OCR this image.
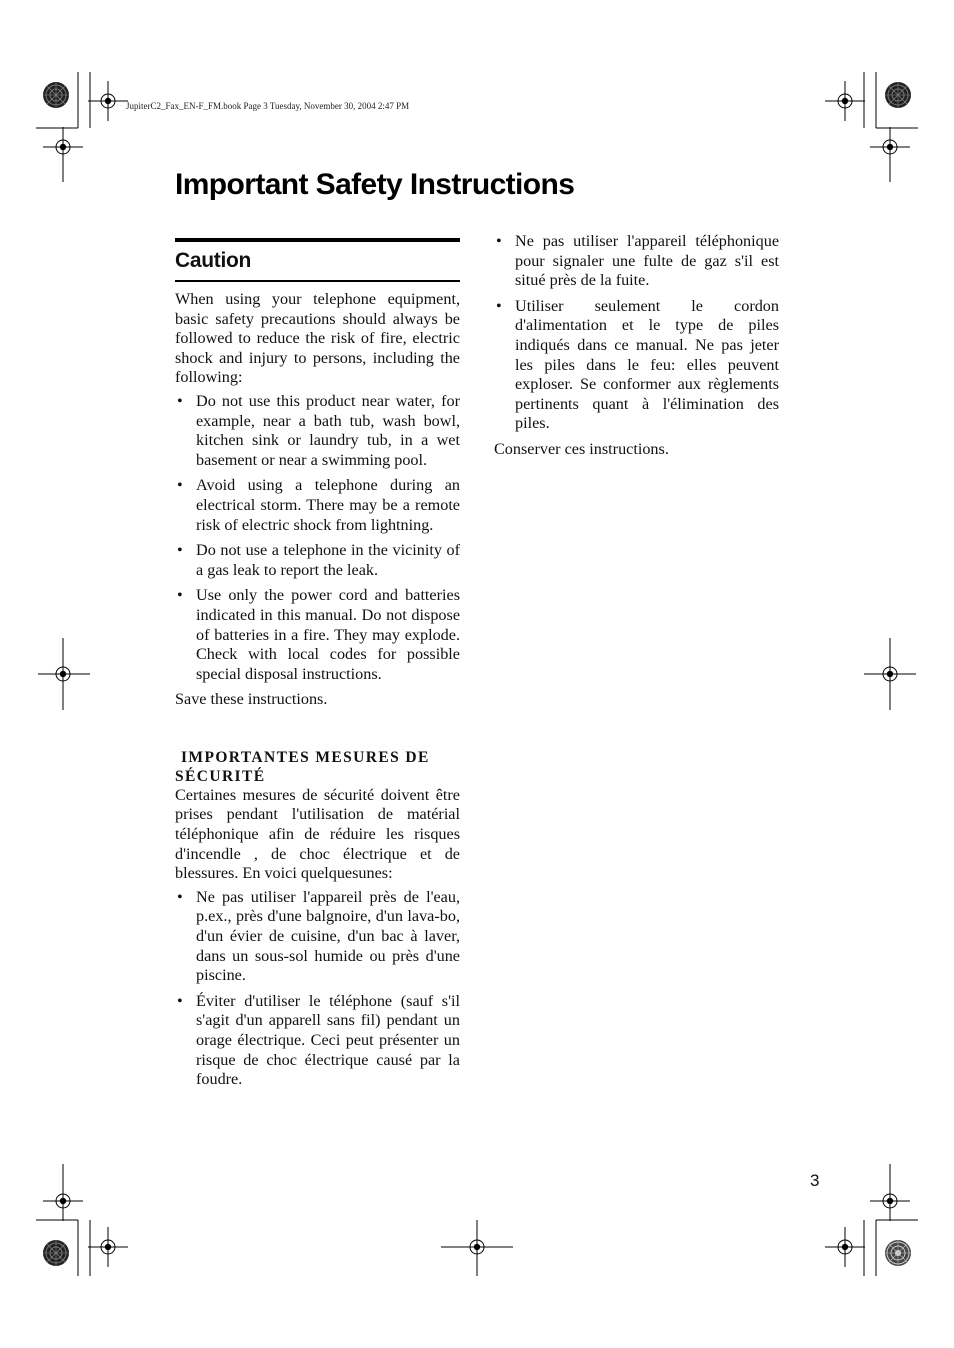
JupiterC2_Fax_EN-F_FM.book Page 3 Tuesday, November 30, 2004 2:47 PM
Important Safety Instructions
Caution

When using your telephone equipment, basic safety precautions should always be followed to reduce the risk of fire, electric shock and injury to persons, including the following:

• Do not use this product near water, for example, near a bath tub, wash bowl, kitchen sink or laundry tub, in a wet basement or near a swimming pool.
• Avoid using a telephone during an electrical storm. There may be a remote risk of electric shock from lightning.
• Do not use a telephone in the vicinity of a gas leak to report the leak.
• Use only the power cord and batteries indicated in this manual. Do not dispose of batteries in a fire. They may explode. Check with local codes for possible special disposal instructions.

Save these instructions.

IMPORTANTES MESURES DE
SÉCURITÉ

Certaines mesures de sécurité doivent être prises pendant l'utilisation de matérial téléphonique afin de réduire les risques d'incendle , de choc électrique et de blessures. En voici quelquesunes:

• Ne pas utiliser l'appareil près de l'eau, p.ex., près d'une balgnoire, d'un lava-bo, d'un évier de cuisine, d'un bac à laver, dans un sous-sol humide ou près d'une piscine.
• Éviter d'utiliser le téléphone (sauf s'il s'agit d'un apparell sans fil) pendant un orage électrique. Ceci peut présenter un risque de choc électrique causé par la foudre.
• Ne pas utiliser l'appareil téléphonique pour signaler une fulte de gaz s'il est situé près de la fuite.
• Utiliser seulement le cordon d'alimentation et le type de piles indiqués dans ce manual. Ne pas jeter les piles dans le feu: elles peuvent exploser. Se conformer aux règlements pertinents quant à l'élimination des piles.

Conserver ces instructions.

3
